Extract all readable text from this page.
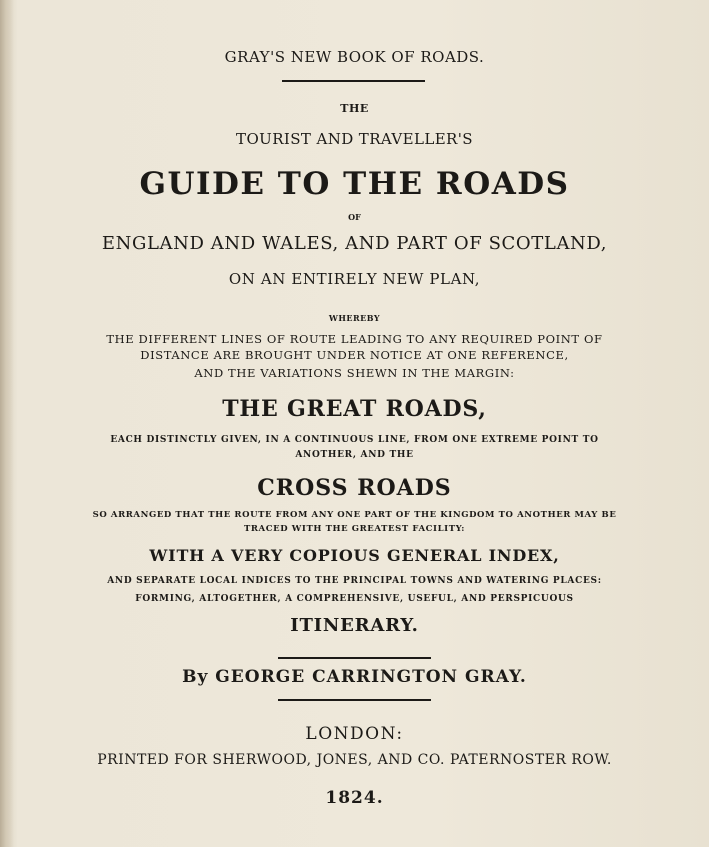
GRAY'S NEW BOOK OF ROADS.
THE
TOURIST AND TRAVELLER'S
GUIDE TO THE ROADS
OF
ENGLAND AND WALES, AND PART OF SCOTLAND,
ON AN ENTIRELY NEW PLAN,
WHEREBY
THE DIFFERENT LINES OF ROUTE LEADING TO ANY REQUIRED POINT OF
DISTANCE ARE BROUGHT UNDER NOTICE AT ONE REFERENCE,
AND THE VARIATIONS SHEWN IN THE MARGIN:
THE GREAT ROADS,
EACH DISTINCTLY GIVEN, IN A CONTINUOUS LINE, FROM ONE EXTREME POINT TO
ANOTHER, AND THE
CROSS ROADS
SO ARRANGED THAT THE ROUTE FROM ANY ONE PART OF THE KINGDOM TO ANOTHER MAY BE
TRACED WITH THE GREATEST FACILITY:
WITH A VERY COPIOUS GENERAL INDEX,
AND SEPARATE LOCAL INDICES TO THE PRINCIPAL TOWNS AND WATERING PLACES:
FORMING, ALTOGETHER, A COMPREHENSIVE, USEFUL, AND PERSPICUOUS
ITINERARY.
By GEORGE CARRINGTON GRAY.
LONDON:
PRINTED FOR SHERWOOD, JONES, AND CO. PATERNOSTER ROW.
1824.
